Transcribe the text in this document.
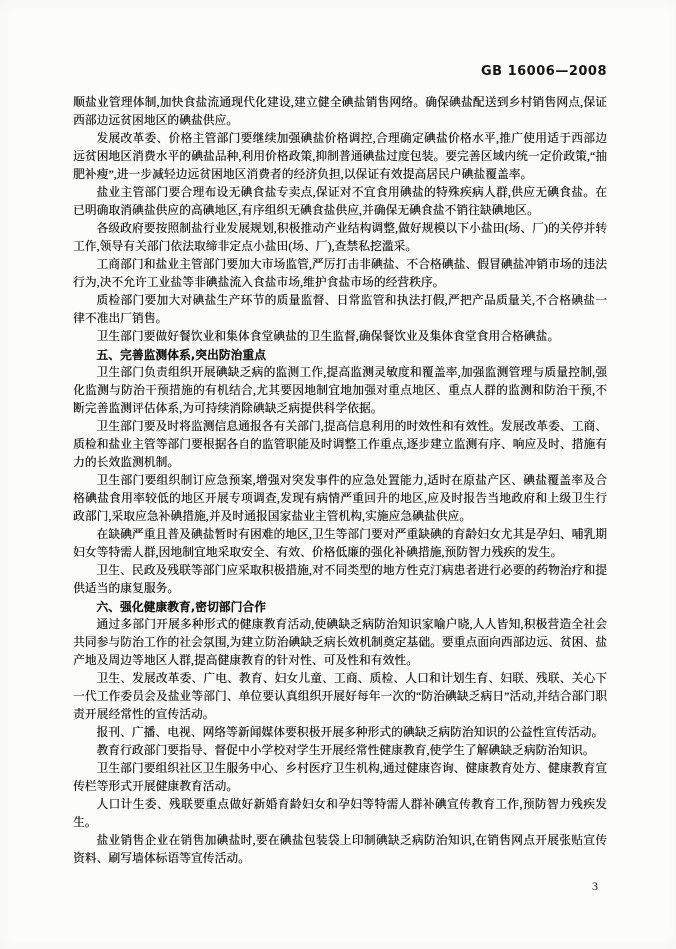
GB 16006—2008

顺盐业管理体制,加快食盐流通现代化建设,建立健全碘盐销售网络。确保碘盐配送到乡村销售网点,保证西部边远贫困地区的碘盐供应。

发展改革委、价格主管部门要继续加强碘盐价格调控,合理确定碘盐价格水平,推广使用适于西部边远贫困地区消费水平的碘盐品种,利用价格政策,抑制普通碘盐过度包装。要完善区域内统一定价政策,“抽肥补瘦”,进一步减轻边远贫困地区消费者的经济负担,以保证有效提高居民户碘盐覆盖率。

盐业主管部门要合理布设无碘食盐专卖点,保证对不宜食用碘盐的特殊疾病人群,供应无碘食盐。在已明确取消碘盐供应的高碘地区,有序组织无碘食盐供应,并确保无碘食盐不销往缺碘地区。

各级政府要按照制盐行业发展规划,积极推动产业结构调整,做好规模以下小盐田(场、厂)的关停并转工作,领导有关部门依法取缔非定点小盐田(场、厂),查禁私挖滥采。

工商部门和盐业主管部门要加大市场监管,严厉打击非碘盐、不合格碘盐、假冒碘盐冲销市场的违法行为,决不允许工业盐等非碘盐流入食盐市场,维护食盐市场的经营秩序。

质检部门要加大对碘盐生产环节的质量监督、日常监管和执法打假,严把产品质量关,不合格碘盐一律不准出厂销售。

卫生部门要做好餐饮业和集体食堂碘盐的卫生监督,确保餐饮业及集体食堂食用合格碘盐。

五、完善监测体系,突出防治重点

卫生部门负责组织开展碘缺乏病的监测工作,提高监测灵敏度和覆盖率,加强监测管理与质量控制,强化监测与防治干预措施的有机结合,尤其要因地制宜地加强对重点地区、重点人群的监测和防治干预,不断完善监测评估体系,为可持续消除碘缺乏病提供科学依据。

卫生部门要及时将监测信息通报各有关部门,提高信息利用的时效性和有效性。发展改革委、工商、质检和盐业主管等部门要根据各自的监管职能及时调整工作重点,逐步建立监测有序、响应及时、措施有力的长效监测机制。

卫生部门要组织制订应急预案,增强对突发事件的应急处置能力,适时在原盐产区、碘盐覆盖率及合格碘盐食用率较低的地区开展专项调查,发现有病情严重回升的地区,应及时报告当地政府和上级卫生行政部门,采取应急补碘措施,并及时通报国家盐业主管机构,实施应急碘盐供应。

在缺碘严重且普及碘盐暂时有困难的地区,卫生等部门要对严重缺碘的育龄妇女尤其是孕妇、哺乳期妇女等特需人群,因地制宜地采取安全、有效、价格低廉的强化补碘措施,预防智力残疾的发生。

卫生、民政及残联等部门应采取积极措施,对不同类型的地方性克汀病患者进行必要的药物治疗和提供适当的康复服务。

六、强化健康教育,密切部门合作

通过多部门开展多种形式的健康教育活动,使碘缺乏病防治知识家喻户晓,人人皆知,积极营造全社会共同参与防治工作的社会氛围,为建立防治碘缺乏病长效机制奠定基础。要重点面向西部边远、贫困、盐产地及周边等地区人群,提高健康教育的针对性、可及性和有效性。

卫生、发展改革委、广电、教育、妇女儿童、工商、质检、人口和计划生育、妇联、残联、关心下一代工作委员会及盐业等部门、单位要认真组织开展好每年一次的“防治碘缺乏病日”活动,并结合部门职责开展经常性的宣传活动。

报刊、广播、电视、网络等新闻媒体要积极开展多种形式的碘缺乏病防治知识的公益性宣传活动。

教育行政部门要指导、督促中小学校对学生开展经常性健康教育,使学生了解碘缺乏病防治知识。

卫生部门要组织社区卫生服务中心、乡村医疗卫生机构,通过健康咨询、健康教育处方、健康教育宣传栏等形式开展健康教育活动。

人口计生委、残联要重点做好新婚育龄妇女和孕妇等特需人群补碘宣传教育工作,预防智力残疾发生。

盐业销售企业在销售加碘盐时,要在碘盐包装袋上印制碘缺乏病防治知识,在销售网点开展张贴宣传资料、刷写墙体标语等宣传活动。

3
